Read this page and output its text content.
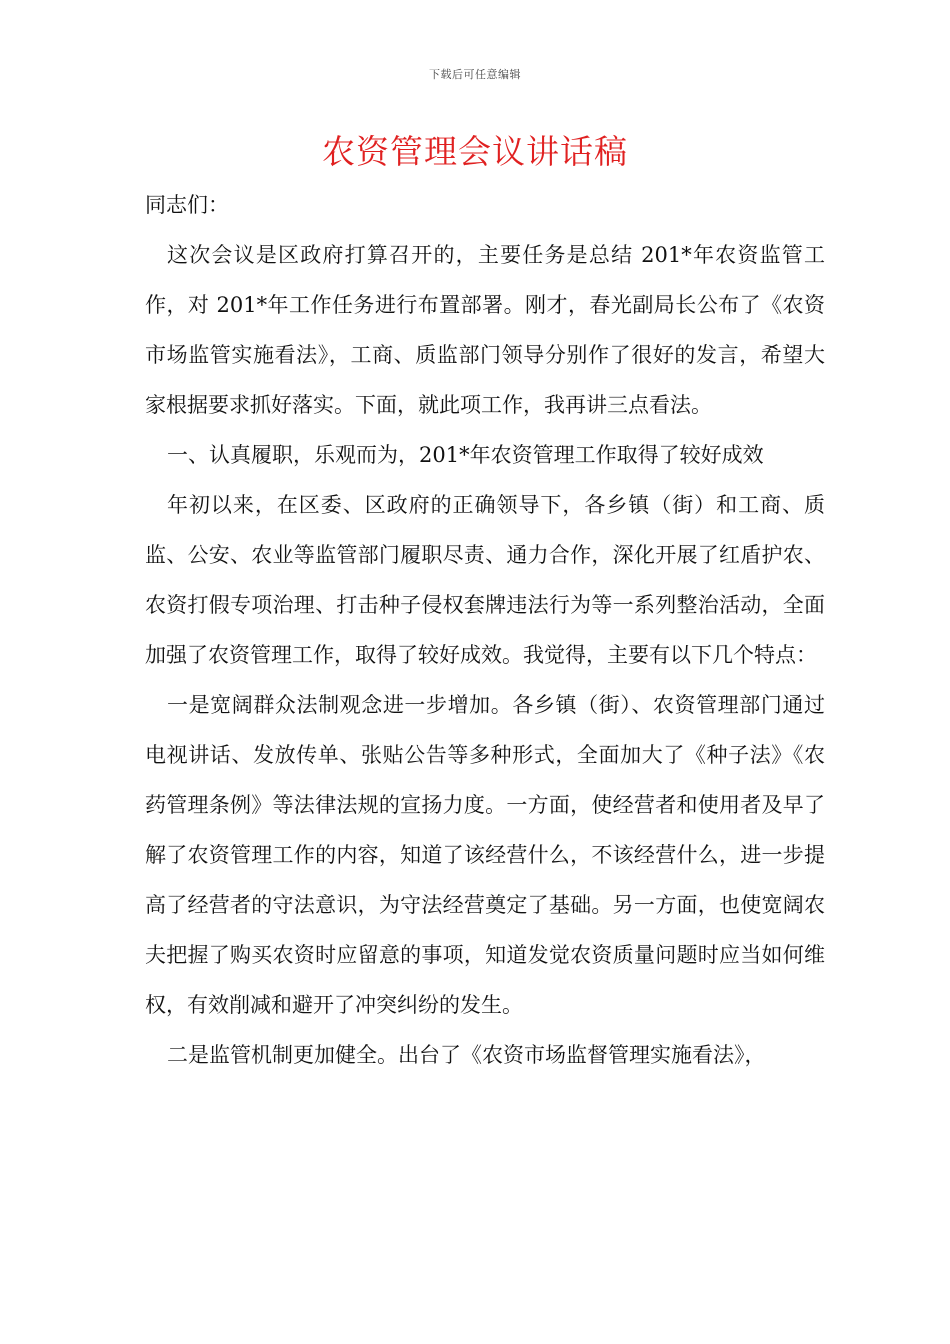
下载后可任意编辑
农资管理会议讲话稿

同志们：

这次会议是区政府打算召开的，主要任务是总结 201*年农资监管工作，对 201*年工作任务进行布置部署。刚才，春光副局长公布了《农资市场监管实施看法》，工商、质监部门领导分别作了很好的发言，希望大家根据要求抓好落实。下面，就此项工作，我再讲三点看法。

一、认真履职，乐观而为，201*年农资管理工作取得了较好成效

年初以来，在区委、区政府的正确领导下，各乡镇（街）和工商、质监、公安、农业等监管部门履职尽责、通力合作，深化开展了红盾护农、农资打假专项治理、打击种子侵权套牌违法行为等一系列整治活动，全面加强了农资管理工作，取得了较好成效。我觉得，主要有以下几个特点：

一是宽阔群众法制观念进一步增加。各乡镇（街）、农资管理部门通过电视讲话、发放传单、张贴公告等多种形式，全面加大了《种子法》《农药管理条例》等法律法规的宣扬力度。一方面，使经营者和使用者及早了解了农资管理工作的内容，知道了该经营什么，不该经营什么，进一步提高了经营者的守法意识，为守法经营奠定了基础。另一方面，也使宽阔农夫把握了购买农资时应留意的事项，知道发觉农资质量问题时应当如何维权，有效削减和避开了冲突纠纷的发生。

二是监管机制更加健全。出台了《农资市场监督管理实施看法》，
